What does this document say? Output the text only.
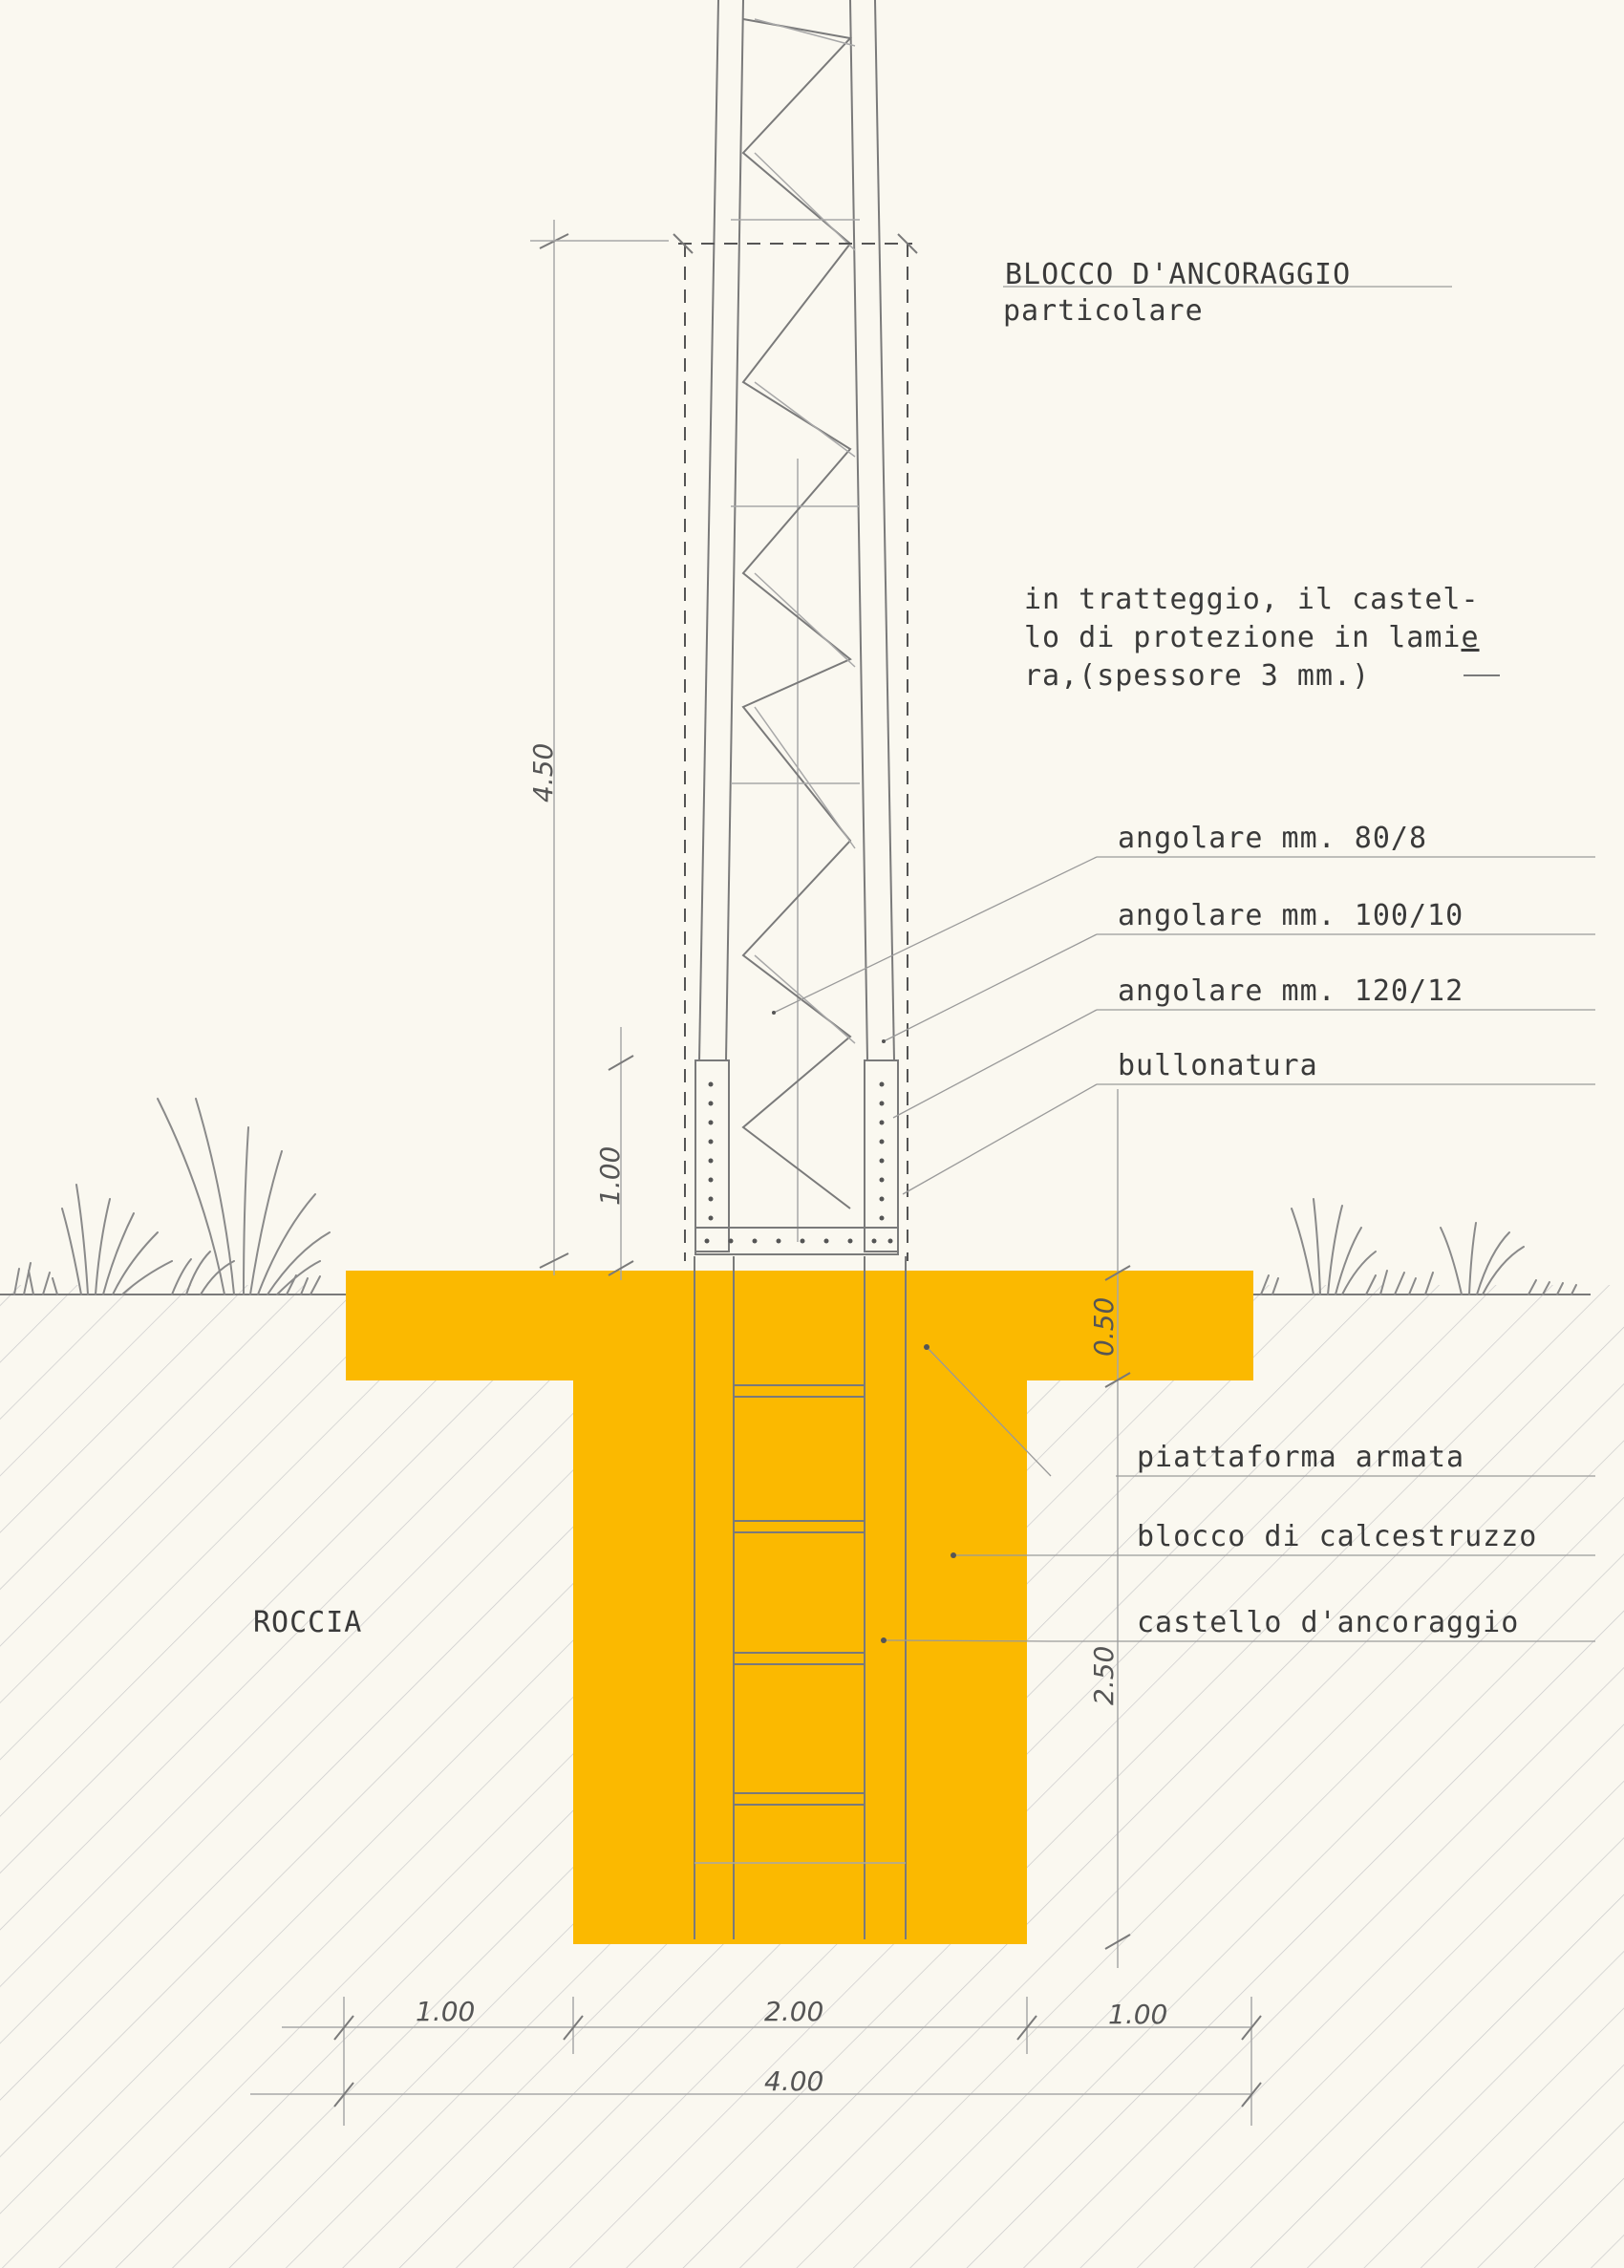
BLOCCO D'ANCORAGGIO
particolare
in tratteggio, il castel-
lo di protezione in lamie
ra,(spessore 3 mm.)
angolare mm. 80/8
angolare mm. 100/10
angolare mm. 120/12
bullonatura
piattaforma armata
blocco di calcestruzzo
castello d'ancoraggio
ROCCIA
4.50
1.00
0.50
2.50
1.00	2.00	1.00
4.00
